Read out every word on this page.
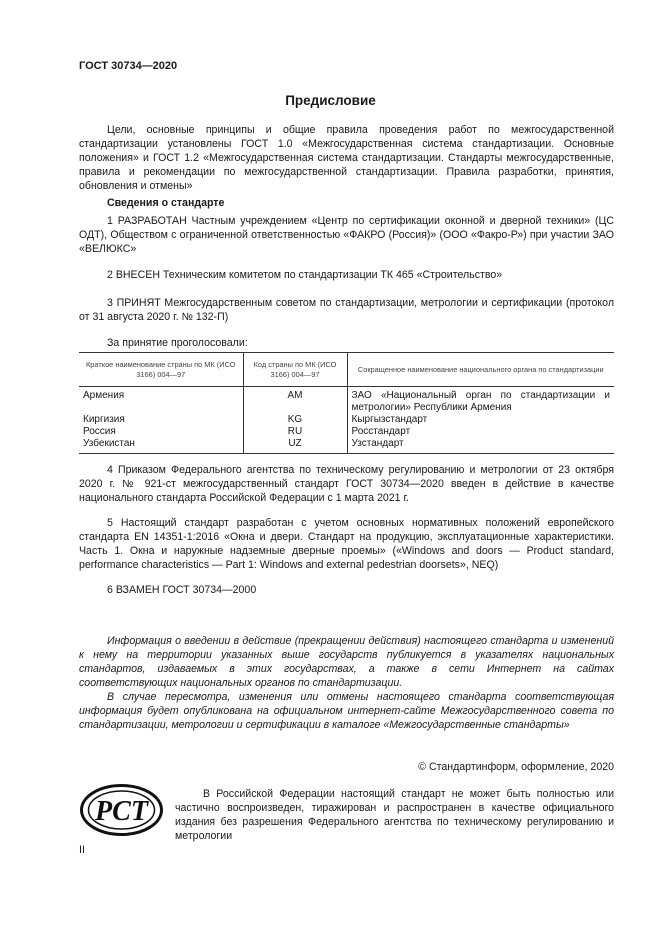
ГОСТ 30734—2020
Предисловие

Цели, основные принципы и общие правила проведения работ по межгосударственной стандартизации установлены ГОСТ 1.0 «Межгосударственная система стандартизации. Основные положения» и ГОСТ 1.2 «Межгосударственная система стандартизации. Стандарты межгосударственные, правила и рекомендации по межгосударственной стандартизации. Правила разработки, принятия, обновления и отмены»

Сведения о стандарте

1 РАЗРАБОТАН Частным учреждением «Центр по сертификации оконной и дверной техники» (ЦС ОДТ), Обществом с ограниченной ответственностью «ФАКРО (Россия)» (ООО «Факро-Р») при участии ЗАО «ВЕЛЮКС»

2 ВНЕСЕН Техническим комитетом по стандартизации ТК 465 «Строительство»

3 ПРИНЯТ Межгосударственным советом по стандартизации, метрологии и сертификации (протокол от 31 августа 2020 г. № 132-П)

За принятие проголосовали:
Краткое наименование страны по МК (ИСО 3166) 004—97	Код страны по МК (ИСО 3166) 004—97	Сокращенное наименование национального органа по стандартизации
Армения	AM	ЗАО «Национальный орган по стандартизации и метрологии» Республики Армения
Киргизия	KG	Кыргызстандарт
Россия	RU	Росстандарт
Узбекистан	UZ	Узстандарт

4 Приказом Федерального агентства по техническому регулированию и метрологии от 23 октября 2020 г. № 921-ст межгосударственный стандарт ГОСТ 30734—2020 введен в действие в качестве национального стандарта Российской Федерации с 1 марта 2021 г.

5 Настоящий стандарт разработан с учетом основных нормативных положений европейского стандарта EN 14351-1:2016 «Окна и двери. Стандарт на продукцию, эксплуатационные характеристики. Часть 1. Окна и наружные надземные дверные проемы» («Windows and doors — Product standard, performance characteristics — Part 1: Windows and external pedestrian doorsets», NEQ)

6 ВЗАМЕН ГОСТ 30734—2000

Информация о введении в действие (прекращении действия) настоящего стандарта и изменений к нему на территории указанных выше государств публикуется в указателях национальных стандартов, издаваемых в этих государствах, а также в сети Интернет на сайтах соответствующих национальных органов по стандартизации.

В случае пересмотра, изменения или отмены настоящего стандарта соответствующая информация будет опубликована на официальном интернет-сайте Межгосударственного совета по стандартизации, метрологии и сертификации в каталоге «Межгосударственные стандарты»

© Стандартинформ, оформление, 2020
РСТ

В Российской Федерации настоящий стандарт не может быть полностью или частично воспроизведен, тиражирован и распространен в качестве официального издания без разрешения Федерального агентства по техническому регулированию и метрологии

II
